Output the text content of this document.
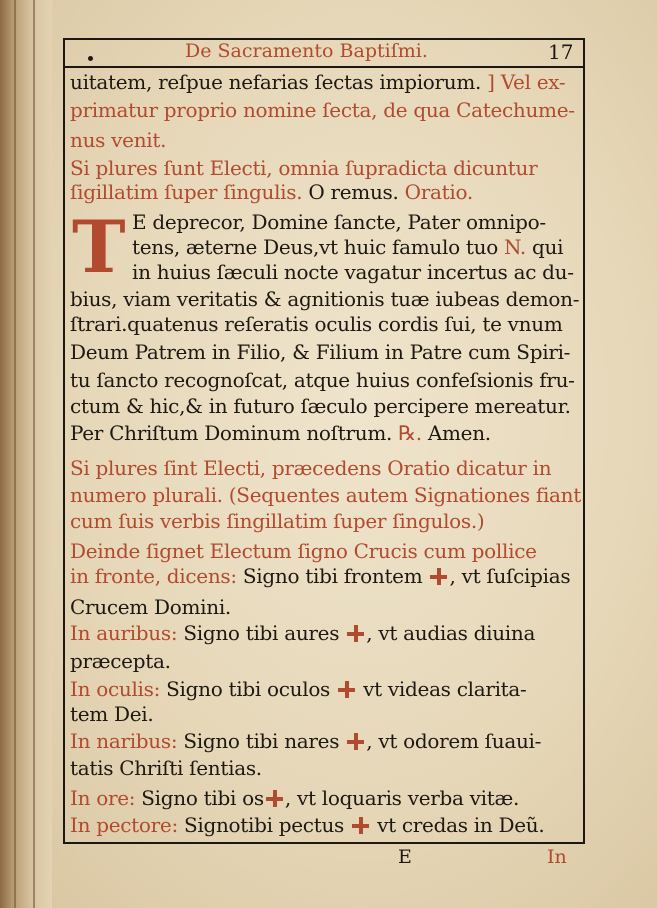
De Sacramento Baptiſmi.	17
T

uitatem, reſpue nefarias ſectas impiorum. ] Vel ex-

primatur proprio nomine ſecta, de qua Catechume-

nus venit.

Si plures ſunt Electi, omnia ſupradicta dicuntur

ſigillatim ſuper ſingulis. O remus. Oratio.

E deprecor, Domine ſancte, Pater omnipo-

tens, æterne Deus,vt huic famulo tuo N. qui

in huius ſæculi nocte vagatur incertus ac du-

bius, viam veritatis & agnitionis tuæ iubeas demon-

ſtrari.quatenus reſeratis oculis cordis ſui, te vnum

Deum Patrem in Filio, & Filium in Patre cum Spiri-

tu ſancto recognoſcat, atque huius confeſsionis fru-

ctum & hic,& in futuro ſæculo percipere mereatur.

Per Chriſtum Dominum noſtrum. ℞. Amen.

Si plures ſint Electi, præcedens Oratio dicatur in

numero plurali. (Sequentes autem Signationes fiant

cum ſuis verbis ſingillatim ſuper ſingulos.)

Deinde ſignet Electum ſigno Crucis cum pollice

in fronte, dicens: Signo tibi frontem , vt ſuſcipias

Crucem Domini.

In auribus: Signo tibi aures , vt audias diuina

præcepta.

In oculis: Signo tibi oculos  vt videas clarita-

tem Dei.

In naribus: Signo tibi nares , vt odorem ſuaui-

tatis Chriſti ſentias.

In ore: Signo tibi os , vt loquaris verba vitæ.

In pectore: Signotibi pectus  vt credas in Deũ.

E	In
